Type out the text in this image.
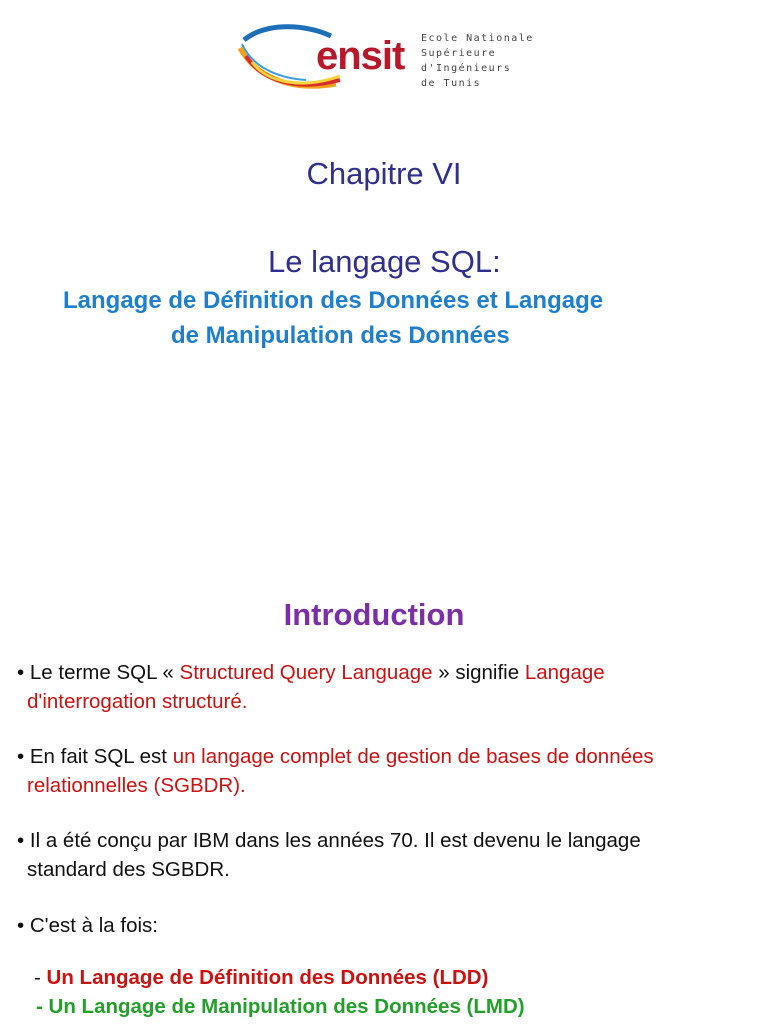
ensit Ecole Nationale
Supérieure
d'Ingénieurs
de Tunis
Chapitre VI
Le langage SQL:
Langage de Définition des Données et Langage
de Manipulation des Données
Introduction
• Le terme SQL « Structured Query Language » signifie Langage
d'interrogation structuré.
• En fait SQL est un langage complet de gestion de bases de données
relationnelles (SGBDR).
• Il a été conçu par IBM dans les années 70. Il est devenu le langage
standard des SGBDR.
• C'est à la fois:
- Un Langage de Définition des Données (LDD)
- Un Langage de Manipulation des Données (LMD)
